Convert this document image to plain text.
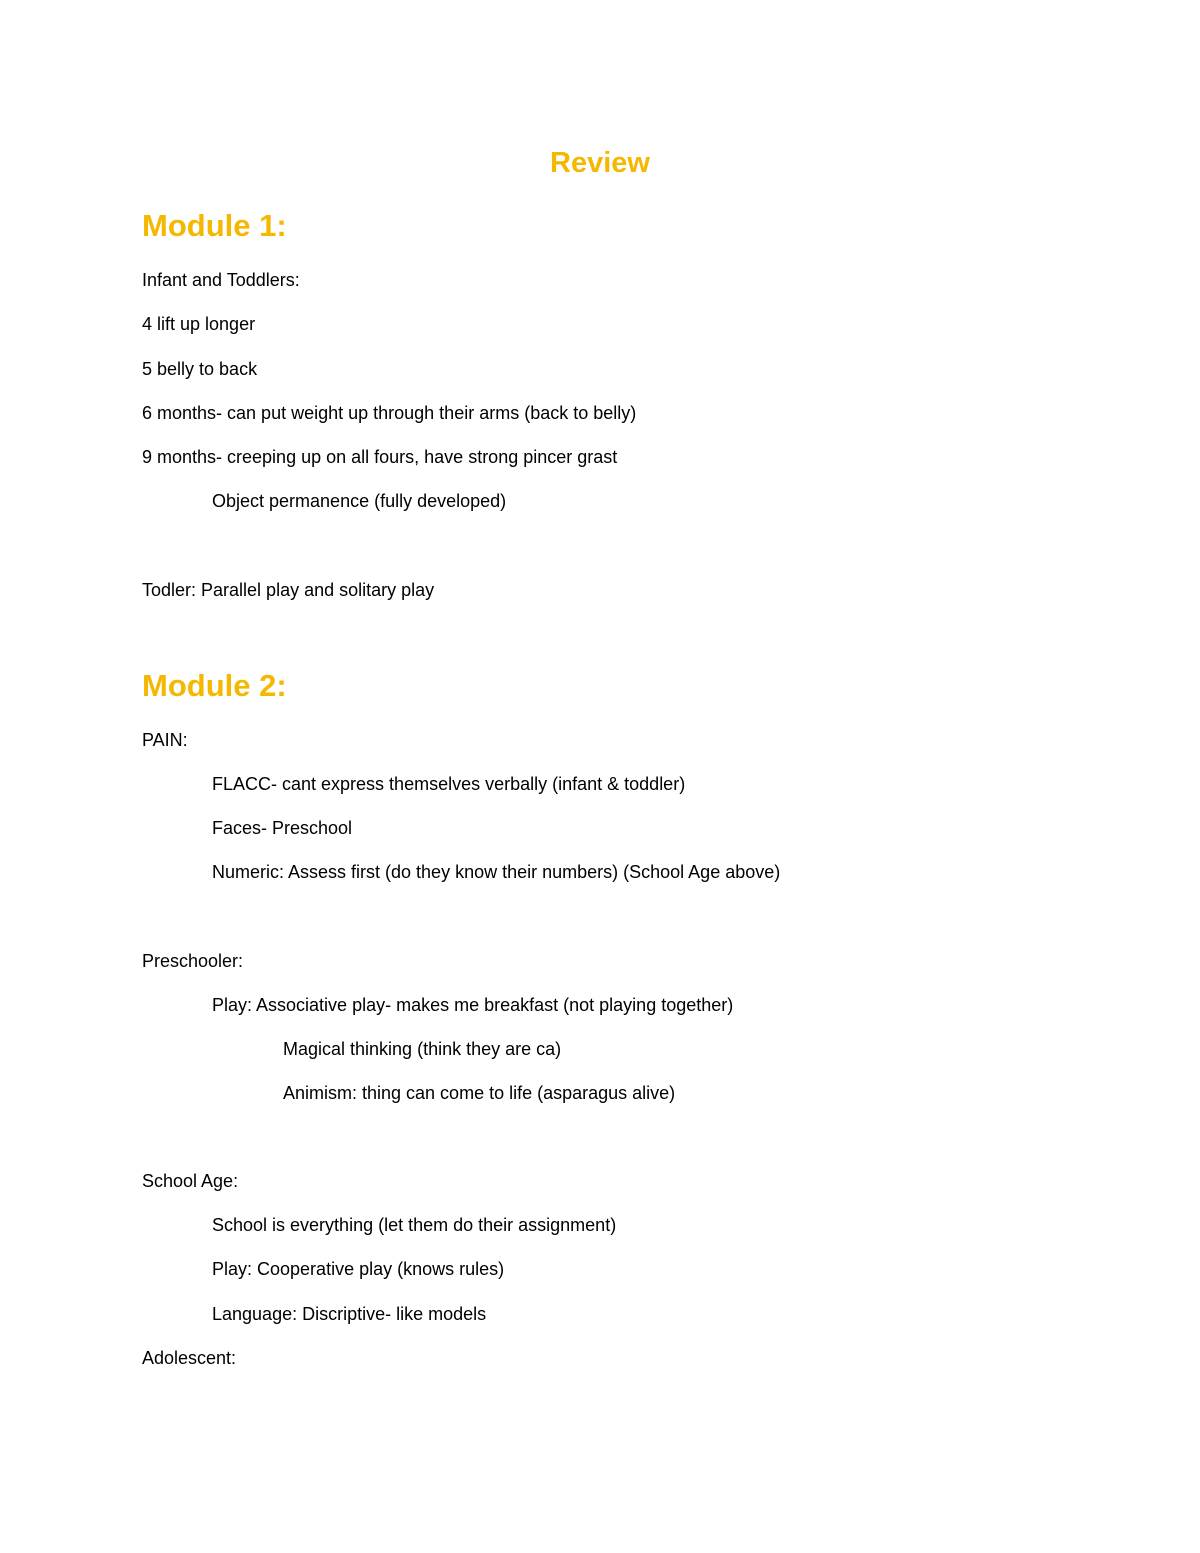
Review
Module 1:

Infant and Toddlers:

4 lift up longer

5 belly to back

6 months- can put weight up through their arms (back to belly)

9 months- creeping up on all fours, have strong pincer grast

Object permanence (fully developed)

Todler: Parallel play and solitary play

Module 2:

PAIN:

FLACC- cant express themselves verbally (infant & toddler)

Faces- Preschool

Numeric: Assess first (do they know their numbers) (School Age above)

Preschooler:

Play: Associative play- makes me breakfast (not playing together)

Magical thinking (think they are ca)

Animism: thing can come to life (asparagus alive)

School Age:

School is everything (let them do their assignment)

Play: Cooperative play (knows rules)

Language: Discriptive- like models

Adolescent:
